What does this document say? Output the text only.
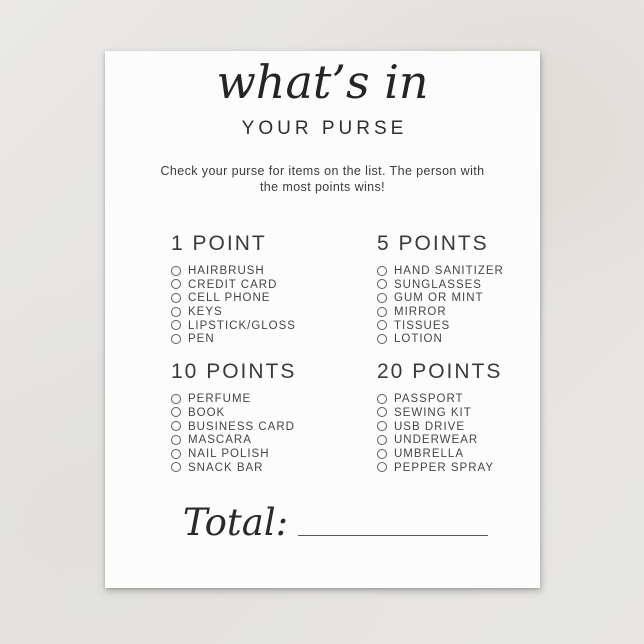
what’s in
YOUR PURSE

Check your purse for items on the list. The person with
the most points wins!

1 POINT
HAIRBRUSH
CREDIT CARD
CELL PHONE
KEYS
LIPSTICK/GLOSS
PEN
5 POINTS
HAND SANITIZER
SUNGLASSES
GUM OR MINT
MIRROR
TISSUES
LOTION
10 POINTS
PERFUME
BOOK
BUSINESS CARD
MASCARA
NAIL POLISH
SNACK BAR
20 POINTS
PASSPORT
SEWING KIT
USB DRIVE
UNDERWEAR
UMBRELLA
PEPPER SPRAY
Total:
